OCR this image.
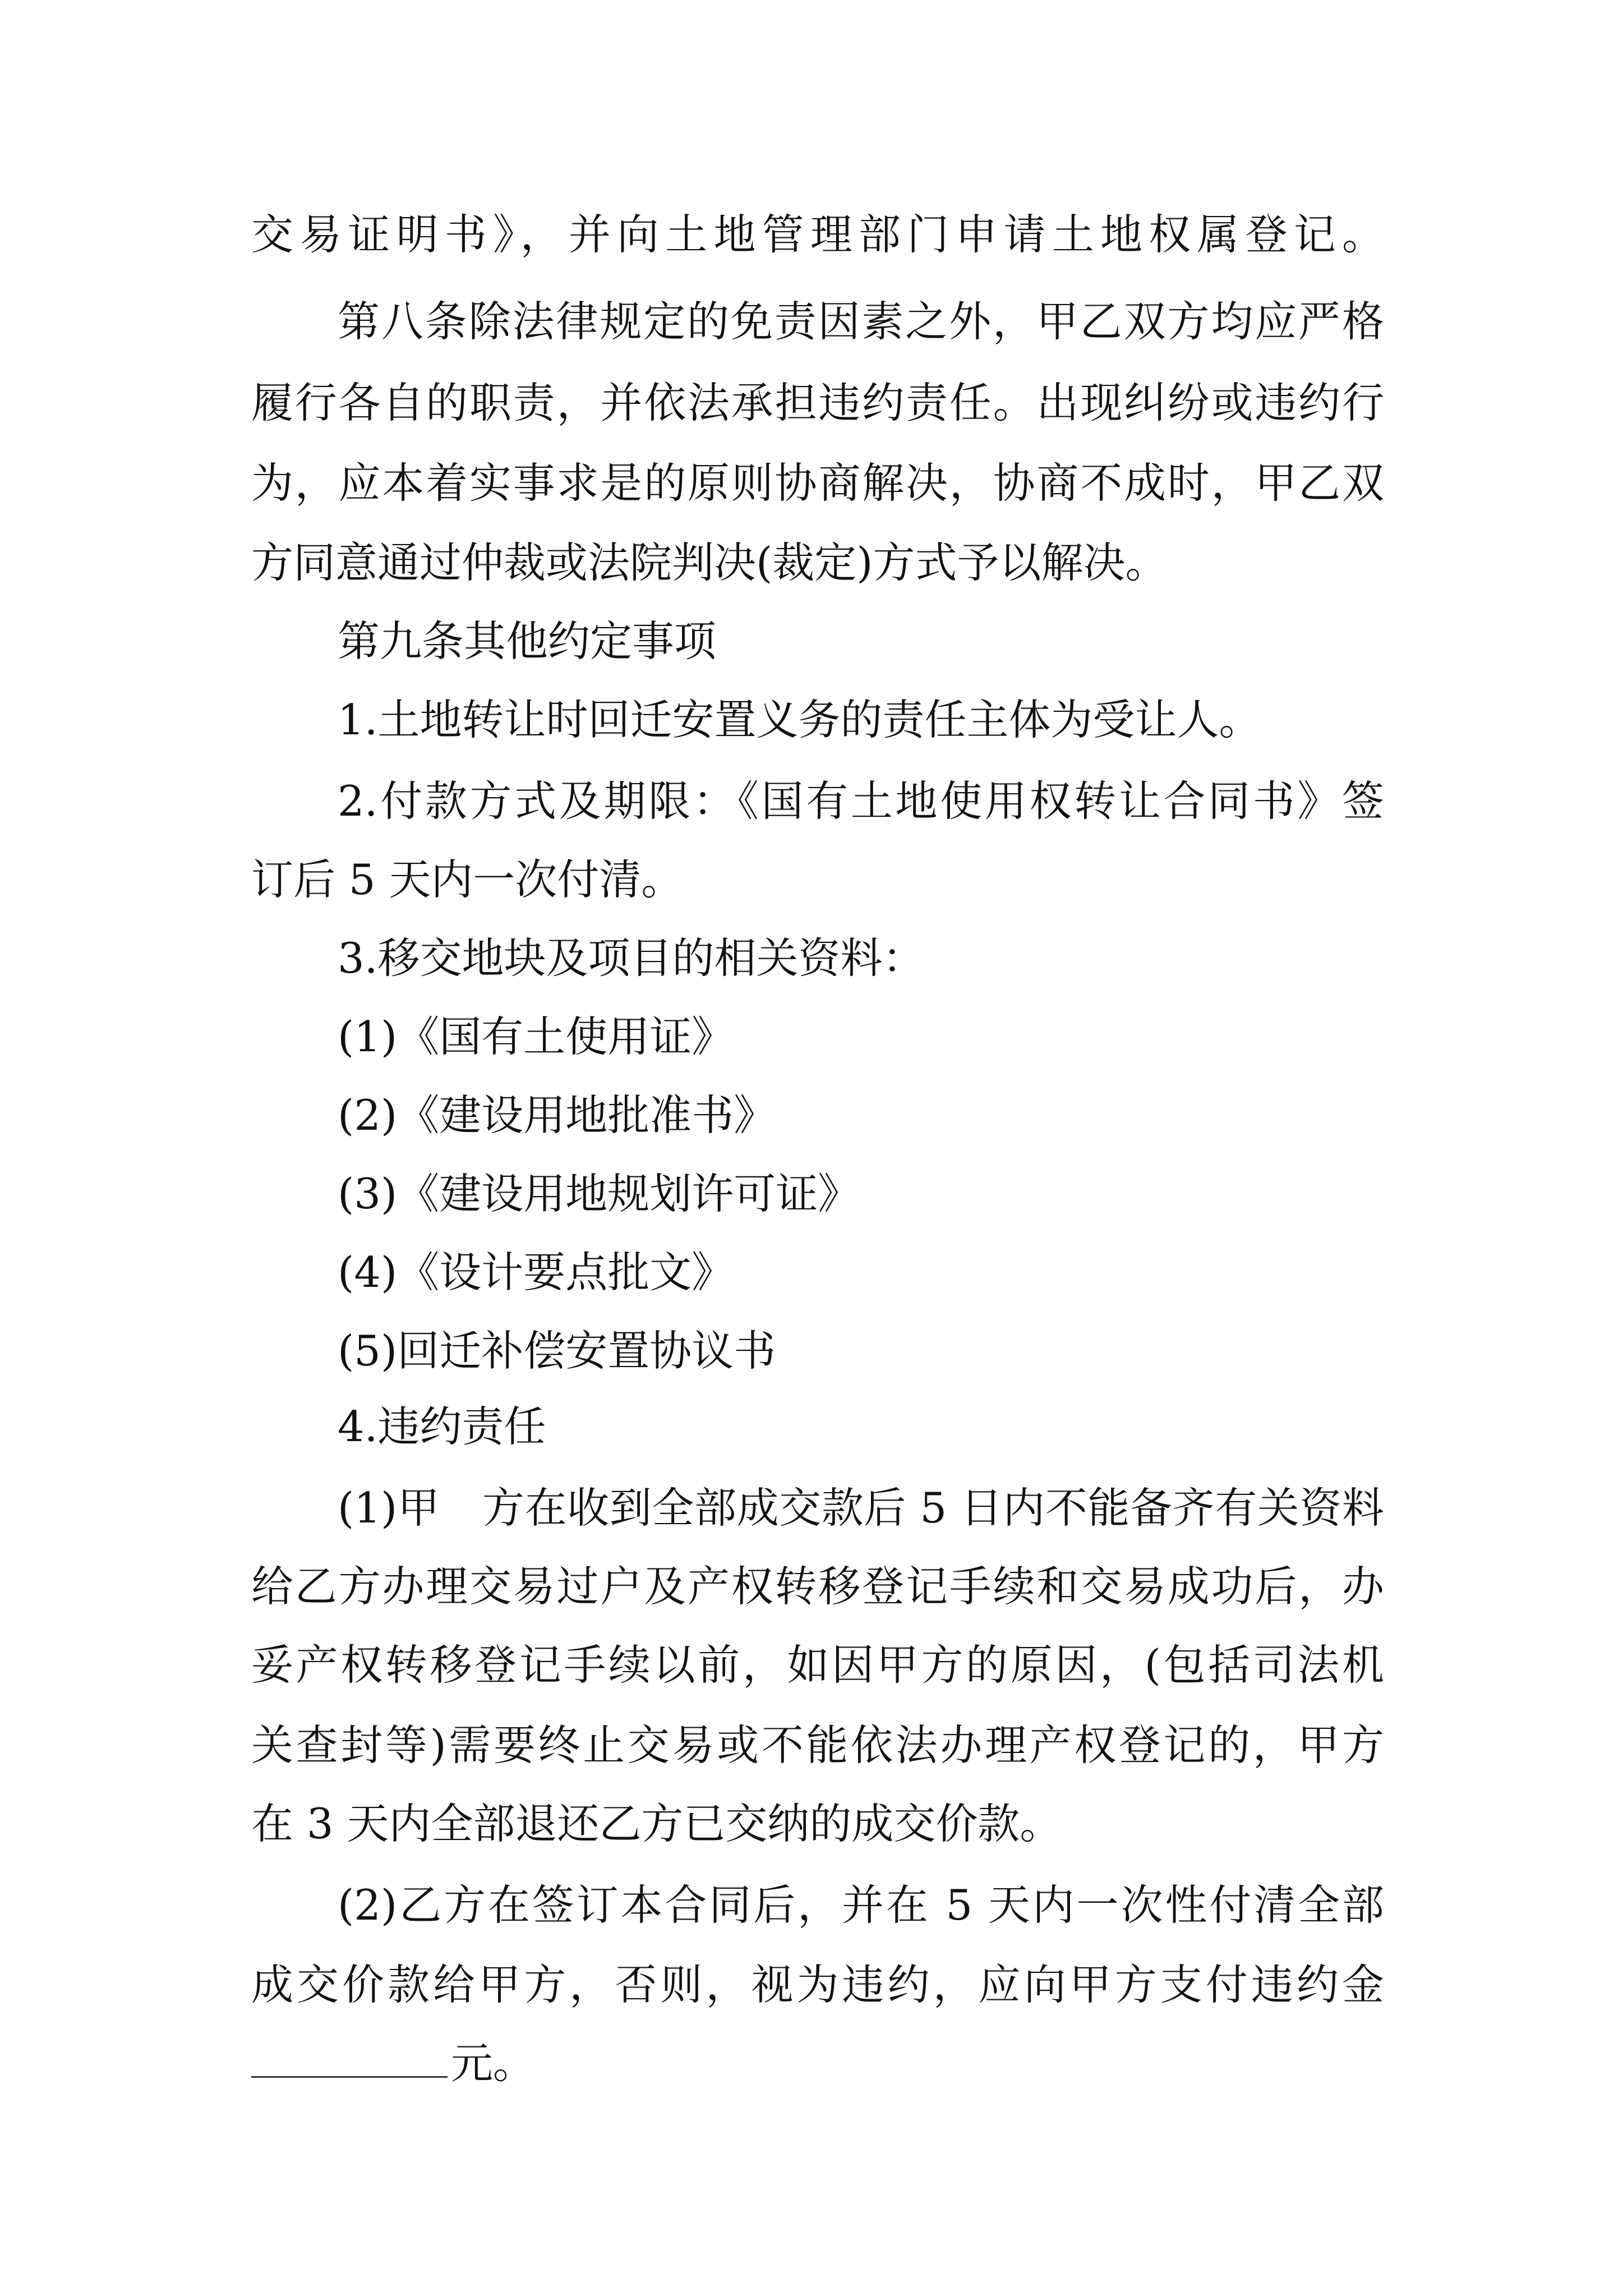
交易证明书》，并向土地管理部门申请土地权属登记。
第八条除法律规定的免责因素之外，甲乙双方均应严格
履行各自的职责，并依法承担违约责任。出现纠纷或违约行
为，应本着实事求是的原则协商解决，协商不成时，甲乙双
方同意通过仲裁或法院判决(裁定)方式予以解决。
第九条其他约定事项
1.土地转让时回迁安置义务的责任主体为受让人。
2.付款方式及期限：《国有土地使用权转让合同书》签
订后 5 天内一次付清。
3.移交地块及项目的相关资料：
(1)《国有土使用证》
(2)《建设用地批准书》
(3)《建设用地规划许可证》
(4)《设计要点批文》
(5)回迁补偿安置协议书
4.违约责任
(1)甲　方在收到全部成交款后 5 日内不能备齐有关资料
给乙方办理交易过户及产权转移登记手续和交易成功后，办
妥产权转移登记手续以前，如因甲方的原因，(包括司法机
关查封等)需要终止交易或不能依法办理产权登记的，甲方
在 3 天内全部退还乙方已交纳的成交价款。
(2)乙方在签订本合同后，并在 5 天内一次性付清全部
成交价款给甲方，否则，视为违约，应向甲方支付违约金
元。
